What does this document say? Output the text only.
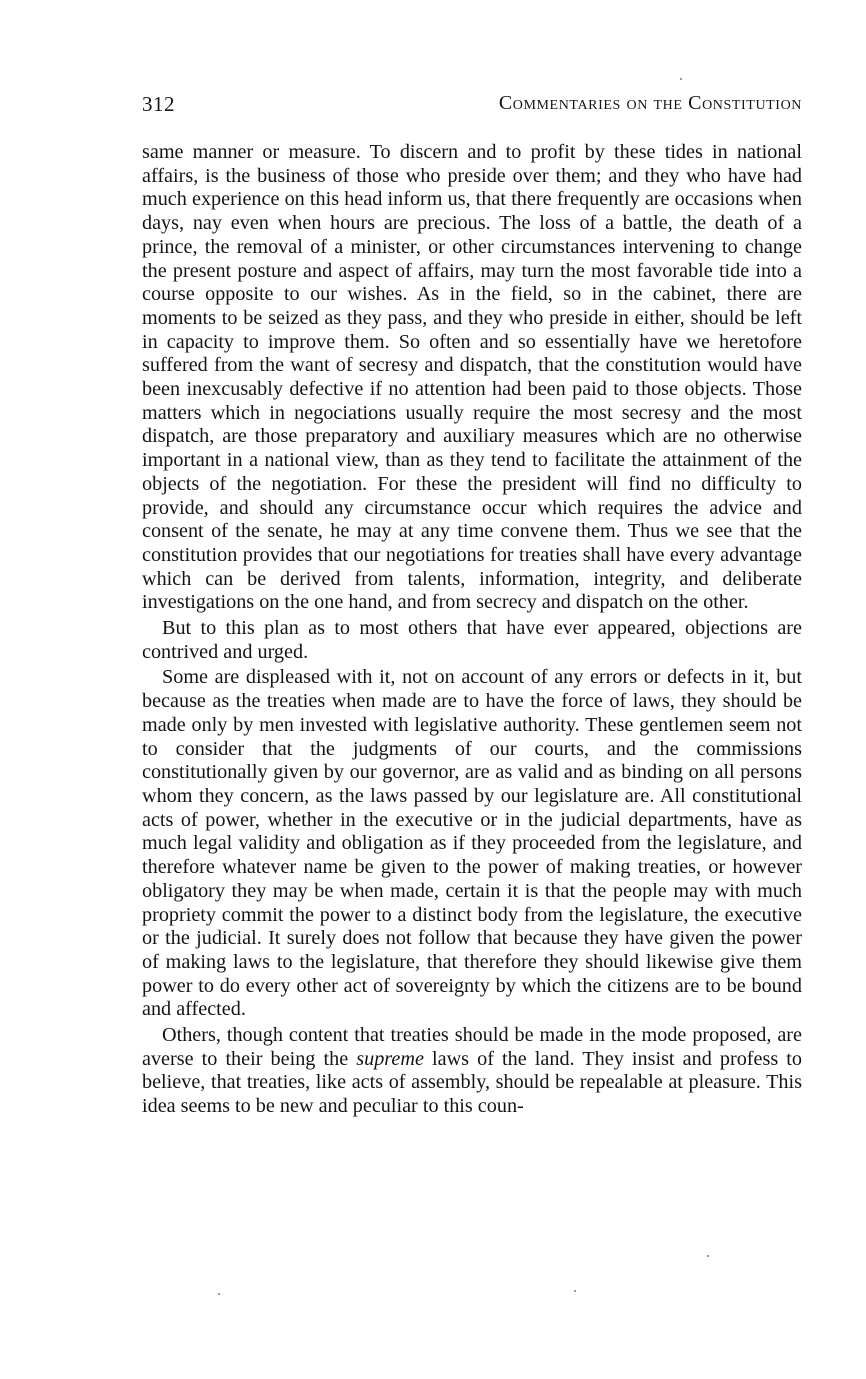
312	Commentaries on the Constitution

same manner or measure. To discern and to profit by these tides in national affairs, is the business of those who preside over them; and they who have had much experience on this head inform us, that there frequently are occasions when days, nay even when hours are precious. The loss of a battle, the death of a prince, the removal of a minister, or other circumstances intervening to change the present posture and aspect of affairs, may turn the most favorable tide into a course opposite to our wishes. As in the field, so in the cabinet, there are moments to be seized as they pass, and they who preside in either, should be left in capacity to improve them. So often and so essentially have we heretofore suffered from the want of secresy and dispatch, that the constitution would have been inexcusably defective if no attention had been paid to those objects. Those matters which in negociations usually require the most secresy and the most dispatch, are those preparatory and auxiliary measures which are no otherwise important in a national view, than as they tend to facilitate the attainment of the objects of the negotiation. For these the president will find no difficulty to provide, and should any circumstance occur which requires the advice and consent of the senate, he may at any time convene them. Thus we see that the constitution provides that our negotiations for treaties shall have every advantage which can be derived from talents, information, integrity, and deliberate investigations on the one hand, and from secrecy and dispatch on the other.

But to this plan as to most others that have ever appeared, objections are contrived and urged.

Some are displeased with it, not on account of any errors or defects in it, but because as the treaties when made are to have the force of laws, they should be made only by men invested with legislative authority. These gentlemen seem not to consider that the judgments of our courts, and the commissions constitutionally given by our governor, are as valid and as binding on all persons whom they concern, as the laws passed by our legislature are. All constitutional acts of power, whether in the executive or in the judicial departments, have as much legal validity and obligation as if they proceeded from the legislature, and therefore whatever name be given to the power of making treaties, or however obligatory they may be when made, certain it is that the people may with much propriety commit the power to a distinct body from the legislature, the executive or the judicial. It surely does not follow that because they have given the power of making laws to the legislature, that therefore they should likewise give them power to do every other act of sovereignty by which the citizens are to be bound and affected.

Others, though content that treaties should be made in the mode proposed, are averse to their being the supreme laws of the land. They insist and profess to believe, that treaties, like acts of assembly, should be repealable at pleasure. This idea seems to be new and peculiar to this coun-
